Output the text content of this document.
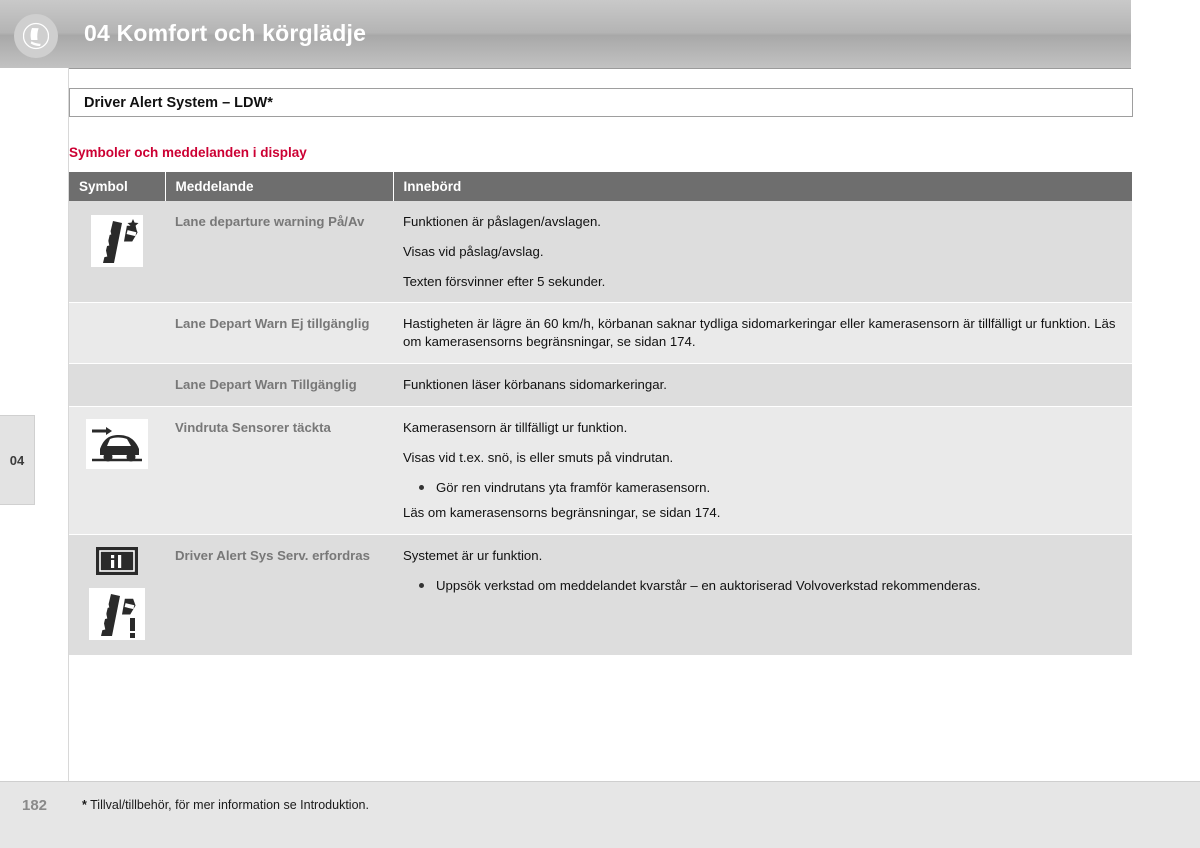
04 Komfort och körglädje
04
Driver Alert System – LDW*
Symboler och meddelanden i display
Symbol	Meddelande	Innebörd

	Lane departure warning På/Av	Funktionen är påslagen/avslagen.

Visas vid påslag/avslag.

Texten försvinner efter 5 sekunder.

	Lane Depart Warn Ej tillgänglig	Hastigheten är lägre än 60 km/h, körbanan saknar tydliga sidomarkeringar eller kamerasensorn är tillfälligt ur funktion. Läs om kamerasensorns begränsningar, se sidan 174.

	Lane Depart Warn Tillgänglig	Funktionen läser körbanans sidomarkeringar.

	Vindruta Sensorer täckta	Kamerasensorn är tillfälligt ur funktion.

Visas vid t.ex. snö, is eller smuts på vindrutan.

Gör ren vindrutans yta framför kamerasensorn.

Läs om kamerasensorns begränsningar, se sidan 174.

	Driver Alert Sys Serv. erfordras	Systemet är ur funktion.

Uppsök verkstad om meddelandet kvarstår – en auktoriserad Volvoverkstad rekommenderas.
182	* Tillval/tillbehör, för mer information se Introduktion.
